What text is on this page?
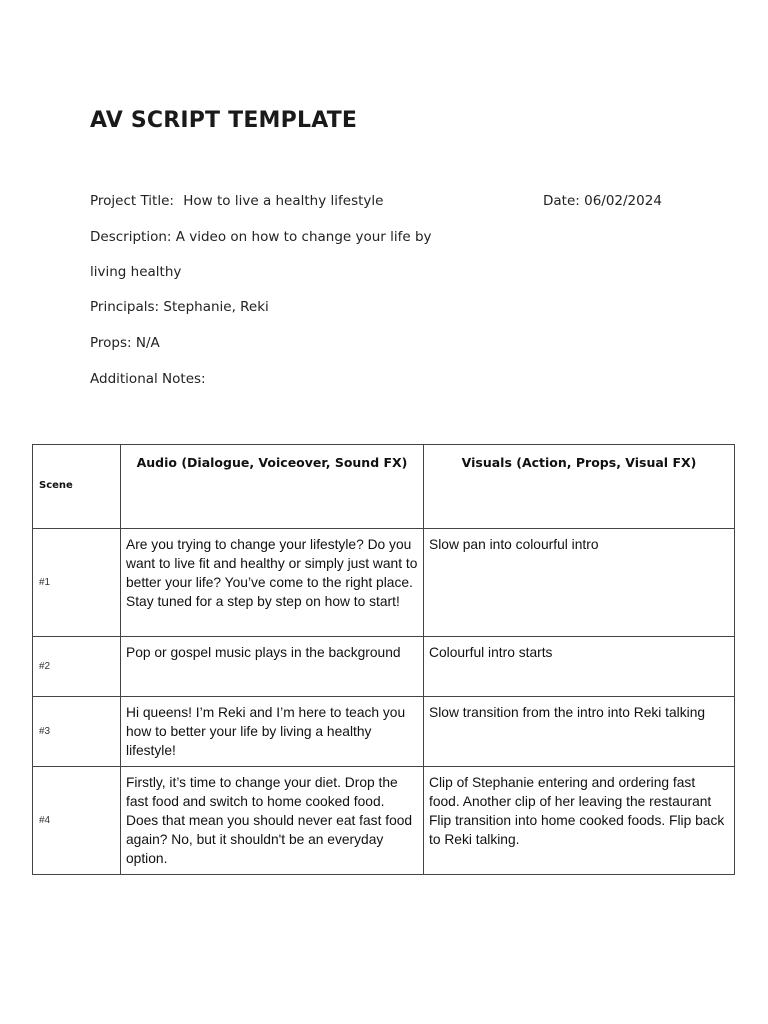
AV SCRIPT TEMPLATE
Project Title: How to live a healthy lifestyle	Date: 06/02/2024
Description: A video on how to change your life by
living healthy
Principals: Stephanie, Reki
Props: N/A
Additional Notes:
Scene	Audio (Dialogue, Voiceover, Sound FX)	Visuals (Action, Props, Visual FX)
#1	Are you trying to change your lifestyle? Do you want to live fit and healthy or simply just want to better your life? You’ve come to the right place. Stay tuned for a step by step on how to start!	Slow pan into colourful intro
#2	Pop or gospel music plays in the background	Colourful intro starts
#3	Hi queens! I’m Reki and I’m here to teach you how to better your life by living a healthy lifestyle!	Slow transition from the intro into Reki talking
#4	Firstly, it’s time to change your diet. Drop the fast food and switch to home cooked food. Does that mean you should never eat fast food again? No, but it shouldn't be an everyday option.	Clip of Stephanie entering and ordering fast food. Another clip of her leaving the restaurant Flip transition into home cooked foods. Flip back to Reki talking.
